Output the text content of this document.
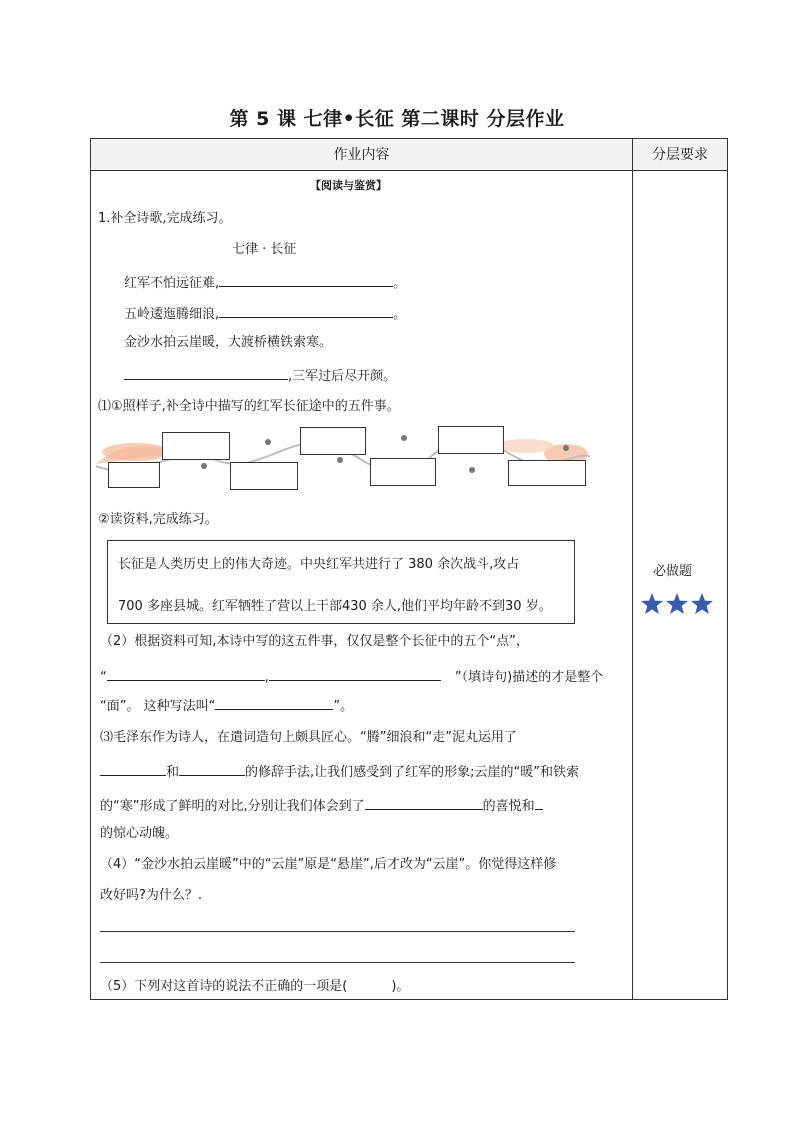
第 5 课 七律•长征 第二课时 分层作业
作业内容	分层要求
必做题
【阅读与鉴赏】
1.补全诗歌,完成练习。
七律 · 长征
红军不怕远征难,	。
五岭逶迤腾细浪,	。
金沙水拍云崖暖，大渡桥横铁索寒。
,三军过后尽开颜。
⑴①照样子,补全诗中描写的红军长征途中的五件事。
②读资料,完成练习。
长征是人类历史上的伟大奇迹。中央红军共进行了 380 余次战斗,攻占
700 多座县城。红军牺牲了营以上干部430 余人,他们平均年龄不到30 岁。
（2）根据资料可知,本诗中写的这五件事，仅仅是整个长征中的五个“点”，
“	,	”（填诗句)描述的才是整个
“面”。 这种写法叫“	”。
⑶毛泽东作为诗人，在遣词造句上颇具匠心。“腾”细浪和“走”泥丸运用了
和	的修辞手法,让我们感受到了红军的形象;云崖的“暖”和铁索
的“寒”形成了鲜明的对比,分别让我们体会到了	的喜悦和
的惊心动魄。
（4）“金沙水拍云崖暖”中的“云崖”原是“悬崖”,后才改为“云崖”。你觉得这样修
改好吗?为什么？.
（5）下列对这首诗的说法不正确的一项是(	)。
